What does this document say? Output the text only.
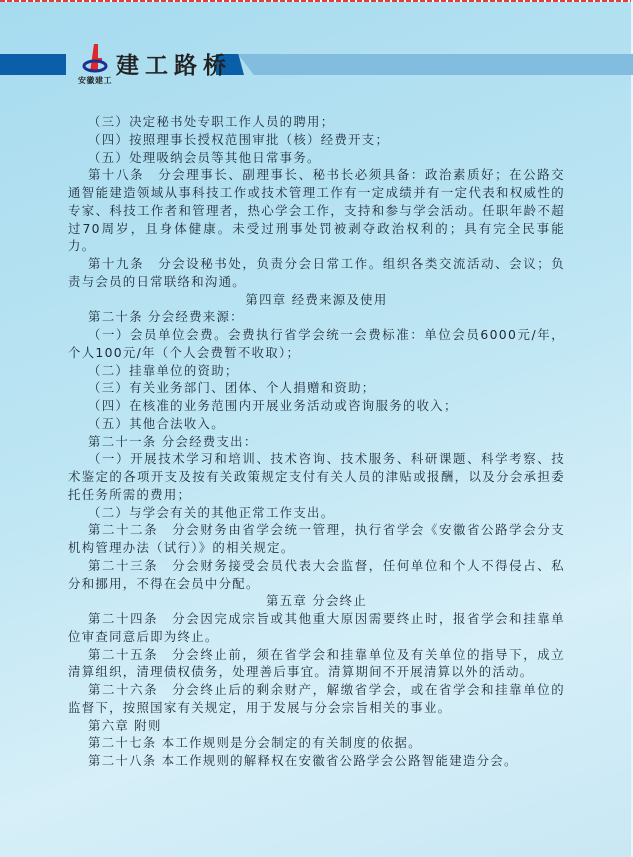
安徽建工
建工路桥

（三）决定秘书处专职工作人员的聘用；

（四）按照理事长授权范围审批（核）经费开支；

（五）处理吸纳会员等其他日常事务。

第十八条　分会理事长、副理事长、秘书长必须具备：政治素质好；在公路交通智能建造领域从事科技工作或技术管理工作有一定成绩并有一定代表和权威性的专家、科技工作者和管理者，热心学会工作，支持和参与学会活动。任职年龄不超过70周岁，且身体健康。未受过刑事处罚被剥夺政治权利的；具有完全民事能力。

第十九条　分会设秘书处，负责分会日常工作。组织各类交流活动、会议；负责与会员的日常联络和沟通。

第四章 经费来源及使用

第二十条 分会经费来源：

（一）会员单位会费。会费执行省学会统一会费标准：单位会员6000元/年，个人100元/年（个人会费暂不收取）；

（二）挂靠单位的资助；

（三）有关业务部门、团体、个人捐赠和资助；

（四）在核准的业务范围内开展业务活动或咨询服务的收入；

（五）其他合法收入。

第二十一条 分会经费支出：

（一）开展技术学习和培训、技术咨询、技术服务、科研课题、科学考察、技术鉴定的各项开支及按有关政策规定支付有关人员的津贴或报酬，以及分会承担委托任务所需的费用；

（二）与学会有关的其他正常工作支出。

第二十二条　分会财务由省学会统一管理，执行省学会《安徽省公路学会分支机构管理办法（试行）》的相关规定。

第二十三条　分会财务接受会员代表大会监督，任何单位和个人不得侵占、私分和挪用，不得在会员中分配。

第五章 分会终止

第二十四条　分会因完成宗旨或其他重大原因需要终止时，报省学会和挂靠单位审查同意后即为终止。

第二十五条　分会终止前，须在省学会和挂靠单位及有关单位的指导下，成立清算组织，清理债权债务，处理善后事宜。清算期间不开展清算以外的活动。

第二十六条　分会终止后的剩余财产，解缴省学会，或在省学会和挂靠单位的监督下，按照国家有关规定，用于发展与分会宗旨相关的事业。

第六章 附则

第二十七条 本工作规则是分会制定的有关制度的依据。

第二十八条 本工作规则的解释权在安徽省公路学会公路智能建造分会。
